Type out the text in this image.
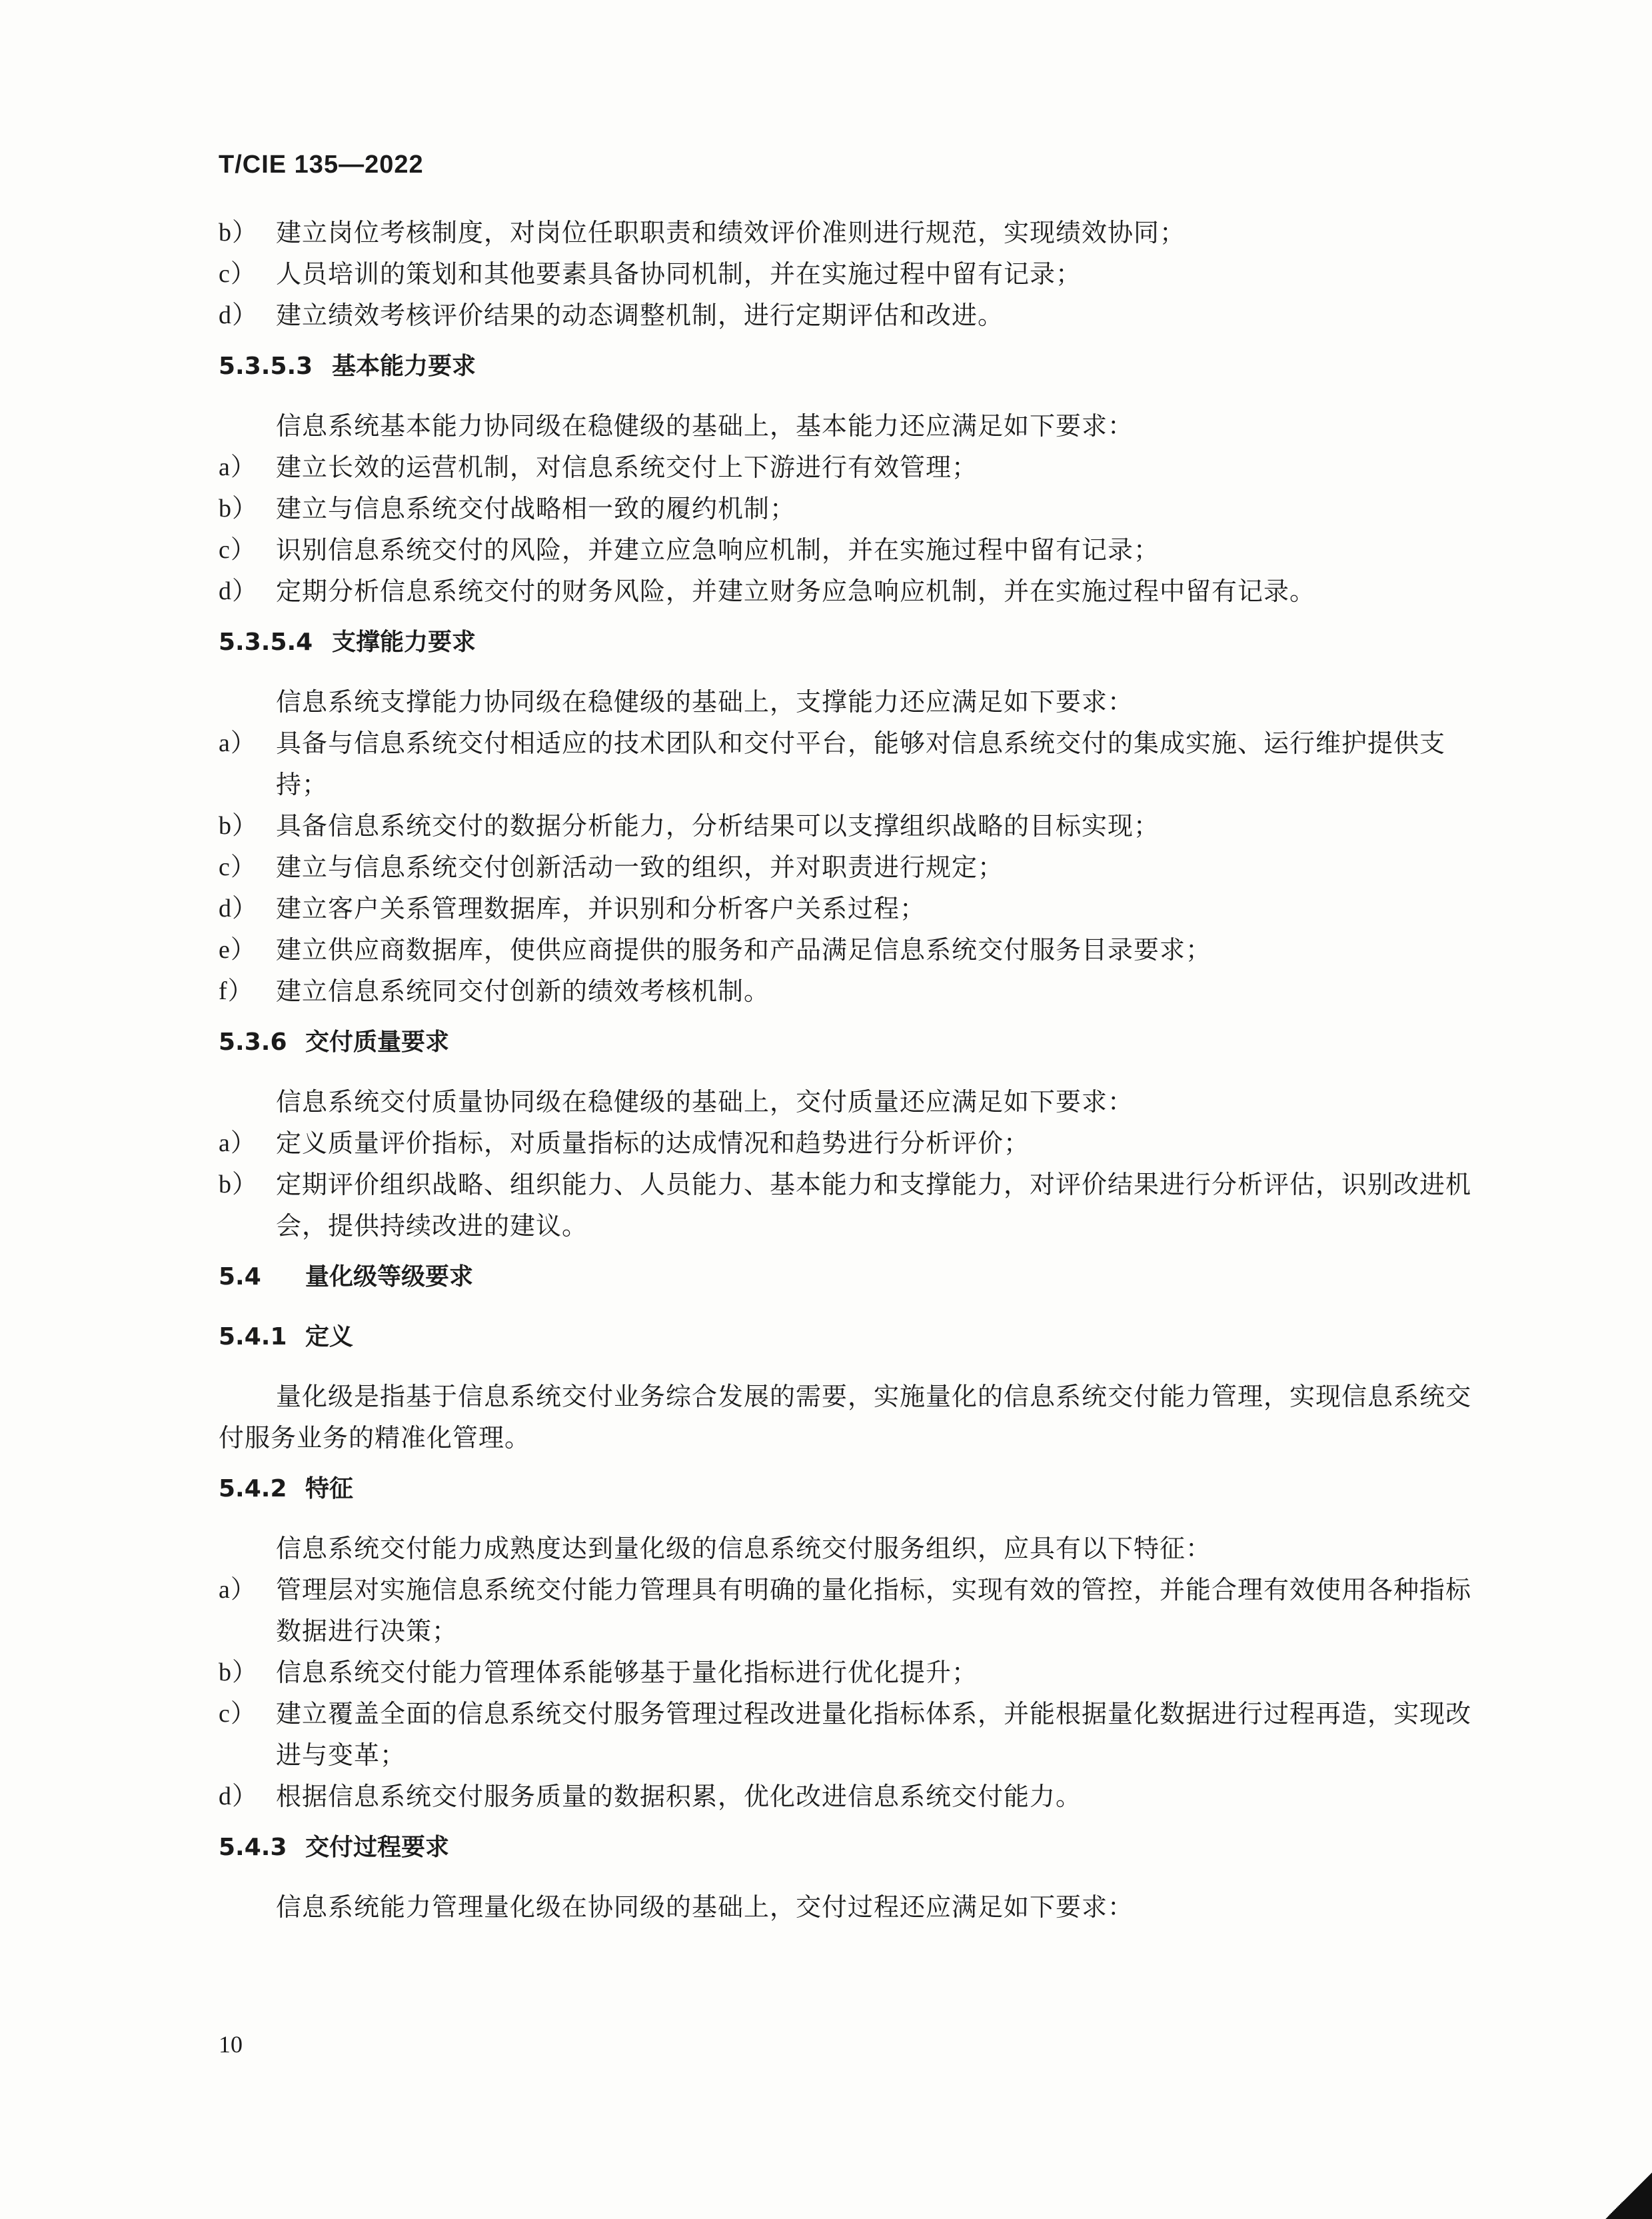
T/CIE 135—2022
b） 建立岗位考核制度，对岗位任职职责和绩效评价准则进行规范，实现绩效协同；
c） 人员培训的策划和其他要素具备协同机制，并在实施过程中留有记录；
d） 建立绩效考核评价结果的动态调整机制，进行定期评估和改进。
5.3.5.3 基本能力要求
信息系统基本能力协同级在稳健级的基础上，基本能力还应满足如下要求：
a） 建立长效的运营机制，对信息系统交付上下游进行有效管理；
b） 建立与信息系统交付战略相一致的履约机制；
c） 识别信息系统交付的风险，并建立应急响应机制，并在实施过程中留有记录；
d） 定期分析信息系统交付的财务风险，并建立财务应急响应机制，并在实施过程中留有记录。
5.3.5.4 支撑能力要求
信息系统支撑能力协同级在稳健级的基础上，支撑能力还应满足如下要求：
a） 具备与信息系统交付相适应的技术团队和交付平台，能够对信息系统交付的集成实施、运行维护提供支持；
b） 具备信息系统交付的数据分析能力，分析结果可以支撑组织战略的目标实现；
c） 建立与信息系统交付创新活动一致的组织，并对职责进行规定；
d） 建立客户关系管理数据库，并识别和分析客户关系过程；
e） 建立供应商数据库，使供应商提供的服务和产品满足信息系统交付服务目录要求；
f） 建立信息系统同交付创新的绩效考核机制。
5.3.6 交付质量要求
信息系统交付质量协同级在稳健级的基础上，交付质量还应满足如下要求：
a） 定义质量评价指标，对质量指标的达成情况和趋势进行分析评价；
b） 定期评价组织战略、组织能力、人员能力、基本能力和支撑能力，对评价结果进行分析评估，识别改进机会，提供持续改进的建议。
5.4 量化级等级要求
5.4.1 定义
量化级是指基于信息系统交付业务综合发展的需要，实施量化的信息系统交付能力管理，实现信息系统交付服务业务的精准化管理。
5.4.2 特征
信息系统交付能力成熟度达到量化级的信息系统交付服务组织，应具有以下特征：
a） 管理层对实施信息系统交付能力管理具有明确的量化指标，实现有效的管控，并能合理有效使用各种指标数据进行决策；
b） 信息系统交付能力管理体系能够基于量化指标进行优化提升；
c） 建立覆盖全面的信息系统交付服务管理过程改进量化指标体系，并能根据量化数据进行过程再造，实现改进与变革；
d） 根据信息系统交付服务质量的数据积累，优化改进信息系统交付能力。
5.4.3 交付过程要求
信息系统能力管理量化级在协同级的基础上，交付过程还应满足如下要求：
10
